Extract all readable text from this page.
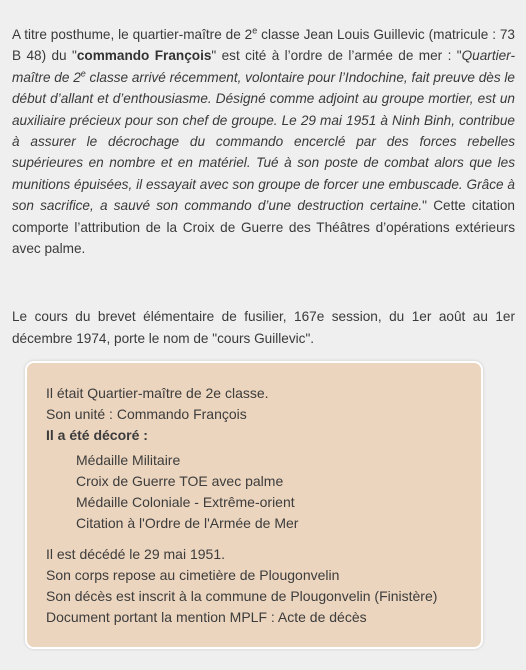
A titre posthume, le quartier-maître de 2e classe Jean Louis Guillevic (matricule : 73 B 48) du "commando François" est cité à l’ordre de l’armée de mer : "Quartier-maître de 2e classe arrivé récemment, volontaire pour l’Indochine, fait preuve dès le début d’allant et d’enthousiasme. Désigné comme adjoint au groupe mortier, est un auxiliaire précieux pour son chef de groupe. Le 29 mai 1951 à Ninh Binh, contribue à assurer le décrochage du commando encerclé par des forces rebelles supérieures en nombre et en matériel. Tué à son poste de combat alors que les munitions épuisées, il essayait avec son groupe de forcer une embuscade. Grâce à son sacrifice, a sauvé son commando d’une destruction certaine." Cette citation comporte l’attribution de la Croix de Guerre des Théâtres d’opérations extérieurs avec palme.

Le cours du brevet élémentaire de fusilier, 167e session, du 1er août au 1er décembre 1974, porte le nom de "cours Guillevic".

Il était Quartier-maître de 2e classe.
Son unité : Commando François
Il a été décoré :
Médaille Militaire
Croix de Guerre TOE avec palme
Médaille Coloniale - Extrême-orient
Citation à l'Ordre de l'Armée de Mer
Il est décédé le 29 mai 1951.
Son corps repose au cimetière de Plougonvelin
Son décès est inscrit à la commune de Plougonvelin (Finistère)
Document portant la mention MPLF : Acte de décès
